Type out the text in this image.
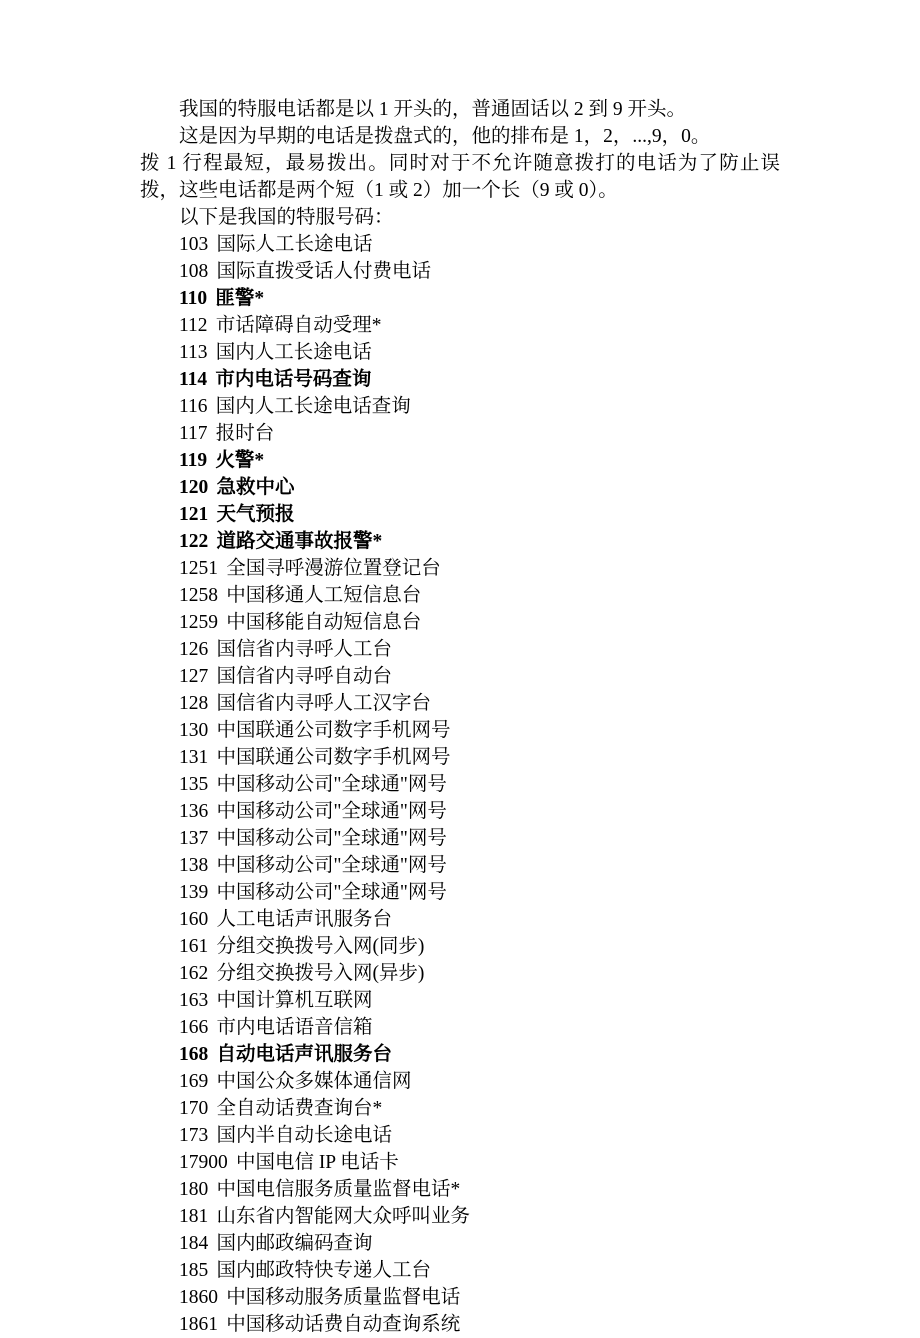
我国的特服电话都是以 1 开头的，普通固话以 2 到 9 开头。

这是因为早期的电话是拨盘式的，他的排布是 1，2，...,9，0。

拨 1 行程最短，最易拨出。同时对于不允许随意拨打的电话为了防止误拨，这些电话都是两个短（1 或 2）加一个长（9 或 0）。

以下是我国的特服号码：

103 国际人工长途电话
108 国际直拨受话人付费电话
110 匪警*
112 市话障碍自动受理*
113 国内人工长途电话
114 市内电话号码查询
116 国内人工长途电话查询
117 报时台
119 火警*
120 急救中心
121 天气预报
122 道路交通事故报警*
1251 全国寻呼漫游位置登记台
1258 中国移通人工短信息台
1259 中国移能自动短信息台
126 国信省内寻呼人工台
127 国信省内寻呼自动台
128 国信省内寻呼人工汉字台
130 中国联通公司数字手机网号
131 中国联通公司数字手机网号
135 中国移动公司"全球通"网号
136 中国移动公司"全球通"网号
137 中国移动公司"全球通"网号
138 中国移动公司"全球通"网号
139 中国移动公司"全球通"网号
160 人工电话声讯服务台
161 分组交换拨号入网(同步)
162 分组交换拨号入网(异步)
163 中国计算机互联网
166 市内电话语音信箱
168 自动电话声讯服务台
169 中国公众多媒体通信网
170 全自动话费查询台*
173 国内半自动长途电话
17900 中国电信 IP 电话卡
180 中国电信服务质量监督电话*
181 山东省内智能网大众呼叫业务
184 国内邮政编码查询
185 国内邮政特快专递人工台
1860 中国移动服务质量监督电话
1861 中国移动话费自动查询系统
